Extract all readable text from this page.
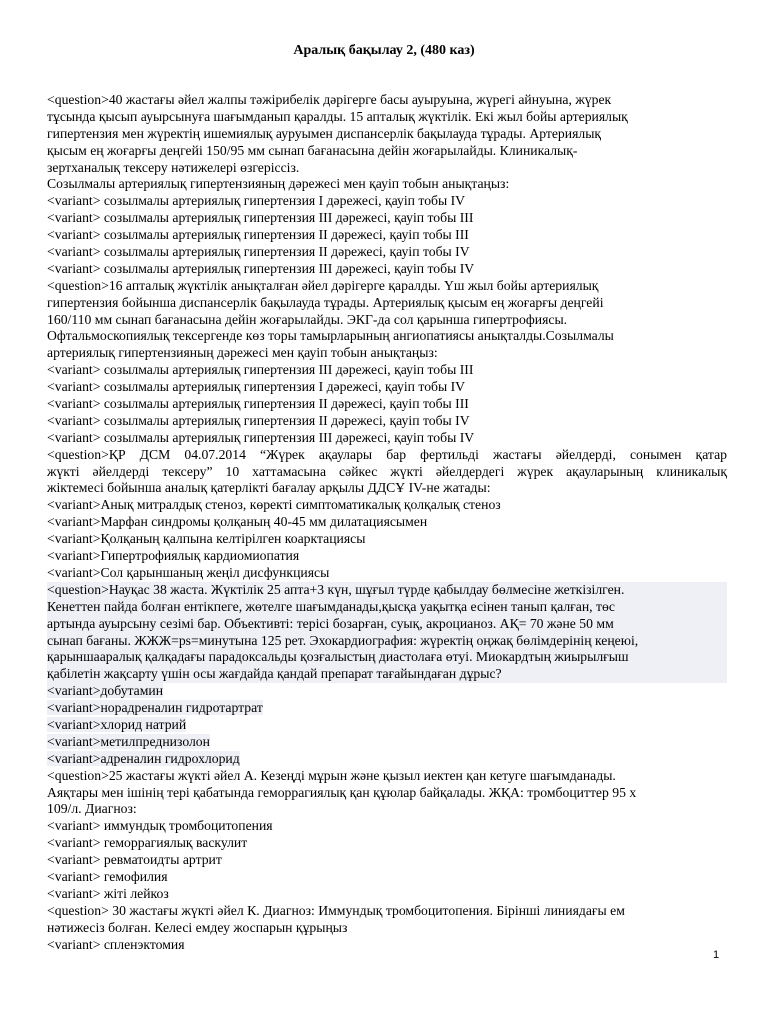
Аралық бақылау 2, (480 каз)
<question>40 жастағы әйел жалпы тәжірибелік дәрігерге басы ауыруына, жүрегі айнуына, жүрек
тұсында қысып ауырсынуға шағымданып қаралды. 15 апталық жүктілік. Екі жыл бойы артериялық
гипертензия мен жүректің ишемиялық ауруымен диспансерлік бақылауда тұрады. Артериялық
қысым ең жоғарғы деңгейі 150/95 мм сынап бағанасына дейін жоғарылайды. Клиникалық-
зертханалық тексеру нәтижелері өзгеріссіз.
Созылмалы артериялық гипертензияның дәрежесі мен қауіп тобын анықтаңыз:
<variant> созылмалы артериялық гипертензия I дәрежесі, қауіп тобы IV
<variant> созылмалы артериялық гипертензия III дәрежесі, қауіп тобы III
<variant> созылмалы артериялық гипертензия II дәрежесі, қауіп тобы III
<variant> созылмалы артериялық гипертензия II дәрежесі, қауіп тобы IV
<variant> созылмалы артериялық гипертензия III дәрежесі, қауіп тобы IV
<question>16 апталық жүктілік анықталған әйел дәрігерге қаралды. Үш жыл бойы артериялық
гипертензия бойынша диспансерлік бақылауда тұрады. Артериялық қысым ең жоғарғы деңгейі
160/110 мм сынап бағанасына дейін жоғарылайды. ЭКГ-да сол қарынша гипертрофиясы.
Офтальмоскопиялық тексергенде көз торы тамырларының ангиопатиясы анықталды.Созылмалы
артериялық гипертензияның дәрежесі мен қауіп тобын анықтаңыз:
<variant> созылмалы артериялық гипертензия III дәрежесі, қауіп тобы III
<variant> созылмалы артериялық гипертензия I дәрежесі, қауіп тобы IV
<variant> созылмалы артериялық гипертензия II дәрежесі, қауіп тобы III
<variant> созылмалы артериялық гипертензия II дәрежесі, қауіп тобы IV
<variant> созылмалы артериялық гипертензия III дәрежесі, қауіп тобы IV
<question>ҚР ДСМ 04.07.2014 “Жүрек ақаулары бар фертильді жастағы әйелдерді, сонымен қатар
жүкті әйелдерді тексеру” 10 хаттамасына сәйкес жүкті әйелдердегі жүрек ақауларының клиникалық
жіктемесі бойынша аналық қатерлікті бағалау арқылы ДДСҰ IV-не жатады:
<variant>Анық митралдық стеноз, көректі симптоматикалық қолқалық стеноз
<variant>Марфан синдромы қолқаның 40-45 мм дилатациясымен
<variant>Қолқаның қалпына келтірілген коарктациясы
<variant>Гипертрофиялық кардиомиопатия
<variant>Сол қарыншаның жеңіл дисфункциясы
<question>Науқас 38 жаста. Жүктілік 25 апта+3 күн, шұғыл түрде қабылдау бөлмесіне жеткізілген.
Кенеттен пайда болған ентікпеге, жөтелге шағымданады,қысқа уақытқа есінен танып қалған, төс
артында ауырсыну сезімі бар. Объективті: терісі бозарған, суық, акроцианоз. АҚ= 70 және 50 мм
сынап бағаны. ЖЖЖ=ps=минутына 125 рет. Эхокардиография: жүректің оңжақ бөлімдерінің кеңеюі,
қарыншааралық қалқадағы парадоксальды қозғалыстың диастолаға өтуі. Миокардтың жиырылғыш
қабілетін жақсарту үшін осы жағдайда қандай препарат тағайындаған дұрыс?
<variant>добутамин
<variant>норадреналин гидротартрат
<variant>хлорид натрий
<variant>метилпреднизолон
<variant>адреналин гидрохлорид
<question>25 жастағы жүкті әйел А. Кезеңді мұрын және қызыл иектен қан кетуге шағымданады.
Аяқтары мен ішінің тері қабатында геморрагиялық қан құюлар байқалады. ЖҚА: тромбоциттер 95 х
109/л. Диагноз:
<variant> иммундық тромбоцитопения
<variant> геморрагиялық васкулит
<variant> ревматоидты артрит
<variant> гемофилия
<variant> жіті лейкоз
<question> 30 жастағы жүкті әйел К. Диагноз: Иммундық тромбоцитопения. Бірінші линиядағы ем
нәтижесіз болған. Келесі емдеу жоспарын құрыңыз
<variant> спленэктомия
1
